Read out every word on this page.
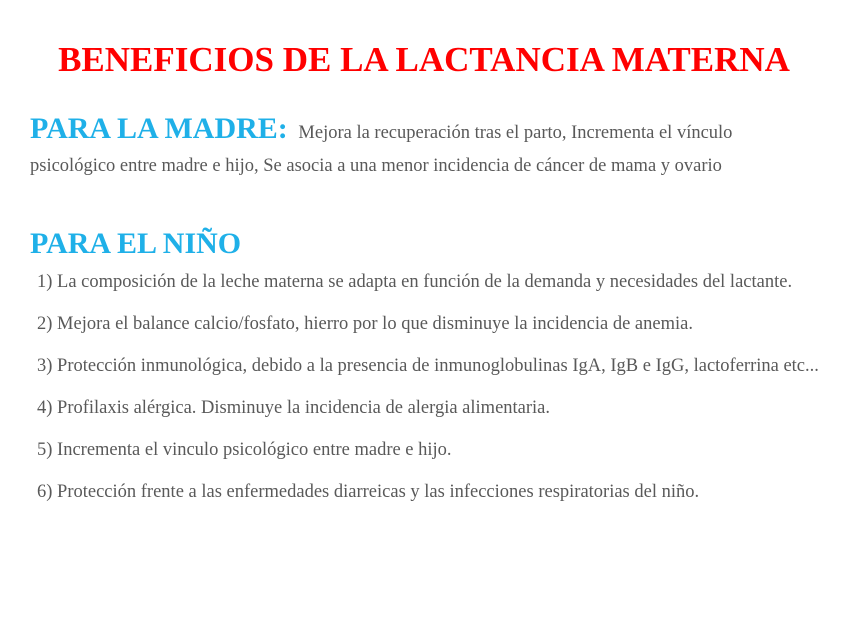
BENEFICIOS DE LA LACTANCIA MATERNA
PARA LA MADRE: Mejora la recuperación tras el parto, Incrementa el vínculo psicológico entre madre e hijo, Se asocia a una menor incidencia de cáncer de mama y ovario
PARA EL NIÑO
1) La composición de la leche materna se adapta en función de la demanda y necesidades del lactante.
2) Mejora el balance calcio/fosfato, hierro por lo que disminuye la incidencia de anemia.
3) Protección inmunológica, debido a la presencia de inmunoglobulinas IgA, IgB e IgG, lactoferrina etc...
4) Profilaxis alérgica. Disminuye la incidencia de alergia alimentaria.
5) Incrementa el vinculo psicológico entre madre e hijo.
6) Protección frente a las enfermedades diarreicas y las infecciones respiratorias del niño.
